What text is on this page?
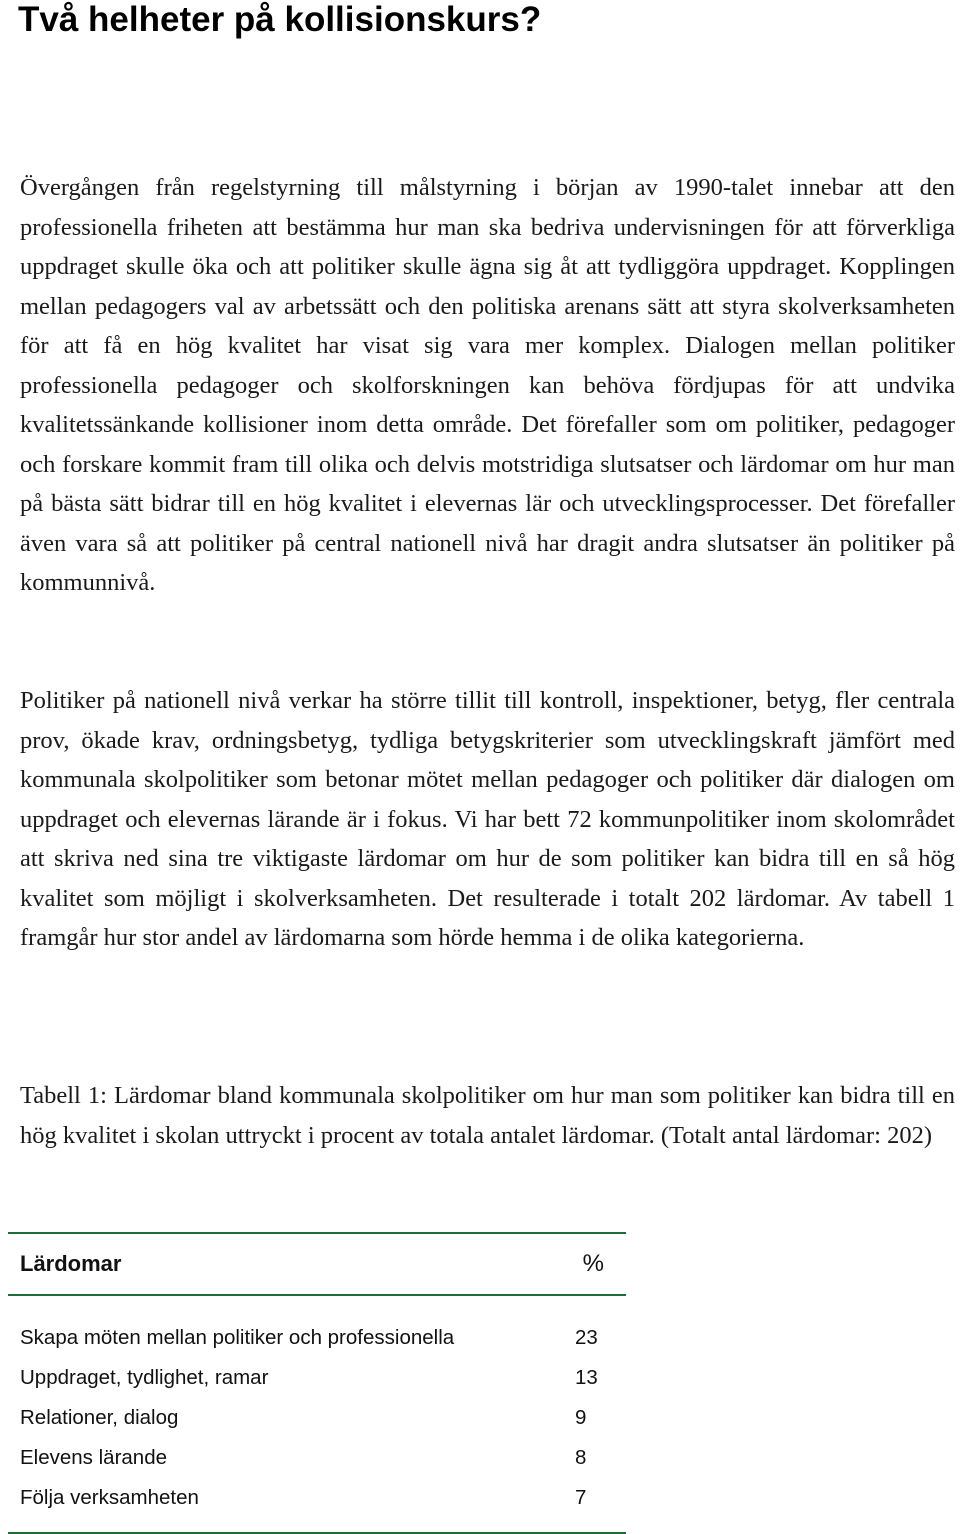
Två helheter på kollisionskurs?

Övergången från regelstyrning till målstyrning i början av 1990-talet innebar att den professionella friheten att bestämma hur man ska bedriva undervisningen för att förverkliga uppdraget skulle öka och att politiker skulle ägna sig åt att tydliggöra uppdraget. Kopplingen mellan pedagogers val av arbetssätt och den politiska arenans sätt att styra skolverksamheten för att få en hög kvalitet har visat sig vara mer komplex. Dialogen mellan politiker professionella pedagoger och skolforskningen kan behöva fördjupas för att undvika kvalitetssänkande kollisioner inom detta område. Det förefaller som om politiker, pedagoger och forskare kommit fram till olika och delvis motstridiga slutsatser och lärdomar om hur man på bästa sätt bidrar till en hög kvalitet i elevernas lär och utvecklingsprocesser. Det förefaller även vara så att politiker på central nationell nivå har dragit andra slutsatser än politiker på kommunnivå.

Politiker på nationell nivå verkar ha större tillit till kontroll, inspektioner, betyg, fler centrala prov, ökade krav, ordningsbetyg, tydliga betygskriterier som utvecklingskraft jämfört med kommunala skolpolitiker som betonar mötet mellan pedagoger och politiker där dialogen om uppdraget och elevernas lärande är i fokus. Vi har bett 72 kommunpolitiker inom skolområdet att skriva ned sina tre viktigaste lärdomar om hur de som politiker kan bidra till en så hög kvalitet som möjligt i skolverksamheten. Det resulterade i totalt 202 lärdomar. Av tabell 1 framgår hur stor andel av lärdomarna som hörde hemma i de olika kategorierna.

Tabell 1: Lärdomar bland kommunala skolpolitiker om hur man som politiker kan bidra till en hög kvalitet i skolan uttryckt i procent av totala antalet lärdomar. (Totalt antal lärdomar: 202)

Lärdomar	%
Skapa möten mellan politiker och professionella	23
Uppdraget, tydlighet, ramar	13
Relationer, dialog	9
Elevens lärande	8
Följa verksamheten	7
